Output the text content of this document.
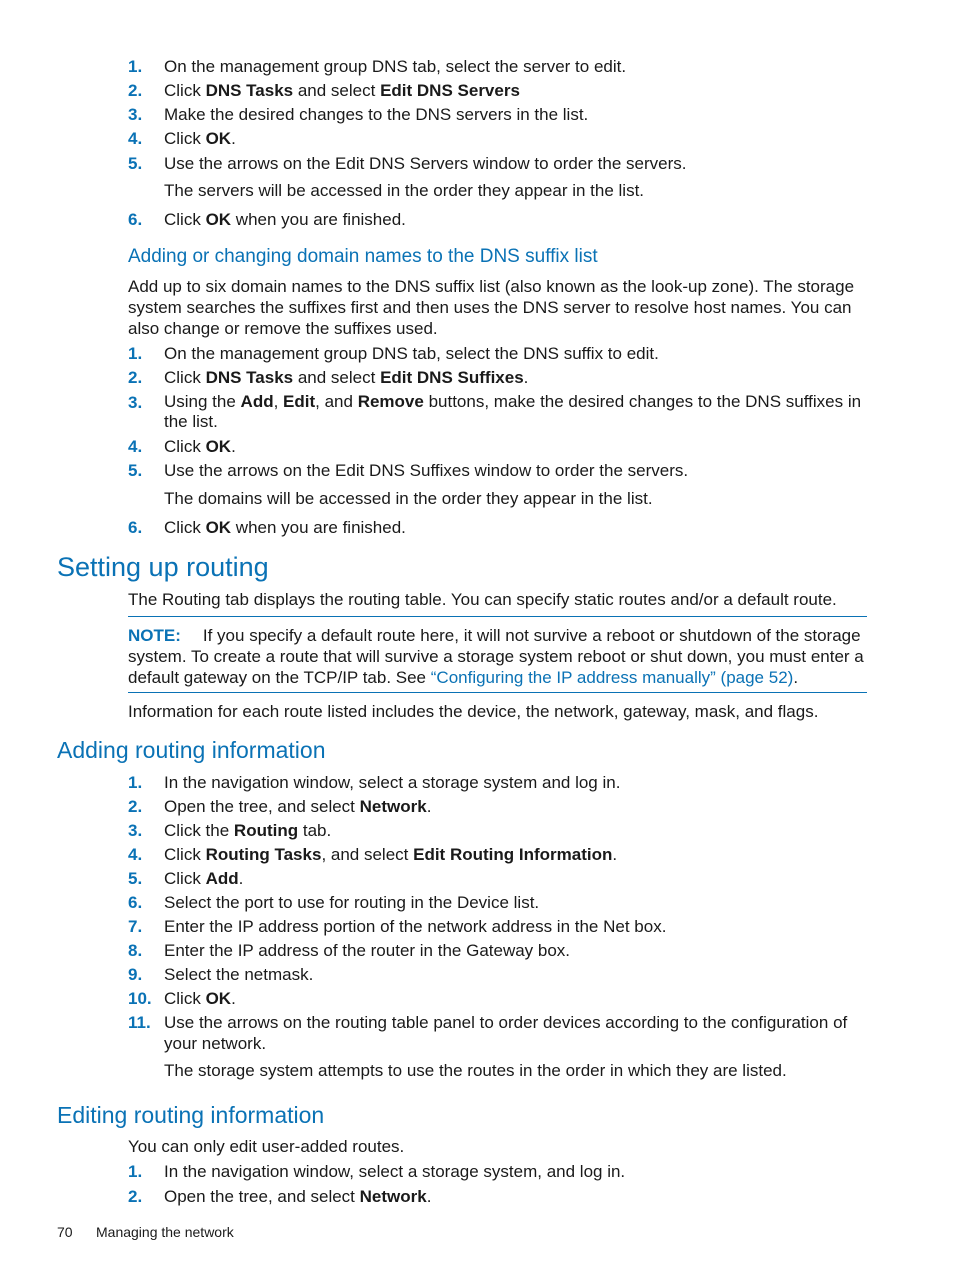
1. On the management group DNS tab, select the server to edit.
2. Click DNS Tasks and select Edit DNS Servers
3. Make the desired changes to the DNS servers in the list.
4. Click OK.
5. Use the arrows on the Edit DNS Servers window to order the servers.
The servers will be accessed in the order they appear in the list.
6. Click OK when you are finished.
Adding or changing domain names to the DNS suffix list
Add up to six domain names to the DNS suffix list (also known as the look-up zone). The storage system searches the suffixes first and then uses the DNS server to resolve host names. You can also change or remove the suffixes used.
1. On the management group DNS tab, select the DNS suffix to edit.
2. Click DNS Tasks and select Edit DNS Suffixes.
3. Using the Add, Edit, and Remove buttons, make the desired changes to the DNS suffixes in the list.
4. Click OK.
5. Use the arrows on the Edit DNS Suffixes window to order the servers.
The domains will be accessed in the order they appear in the list.
6. Click OK when you are finished.
Setting up routing
The Routing tab displays the routing table. You can specify static routes and/or a default route.
NOTE: If you specify a default route here, it will not survive a reboot or shutdown of the storage system. To create a route that will survive a storage system reboot or shut down, you must enter a default gateway on the TCP/IP tab. See “Configuring the IP address manually” (page 52).
Information for each route listed includes the device, the network, gateway, mask, and flags.
Adding routing information
1. In the navigation window, select a storage system and log in.
2. Open the tree, and select Network.
3. Click the Routing tab.
4. Click Routing Tasks, and select Edit Routing Information.
5. Click Add.
6. Select the port to use for routing in the Device list.
7. Enter the IP address portion of the network address in the Net box.
8. Enter the IP address of the router in the Gateway box.
9. Select the netmask.
10. Click OK.
11. Use the arrows on the routing table panel to order devices according to the configuration of your network.
The storage system attempts to use the routes in the order in which they are listed.
Editing routing information
You can only edit user-added routes.
1. In the navigation window, select a storage system, and log in.
2. Open the tree, and select Network.
70 Managing the network
